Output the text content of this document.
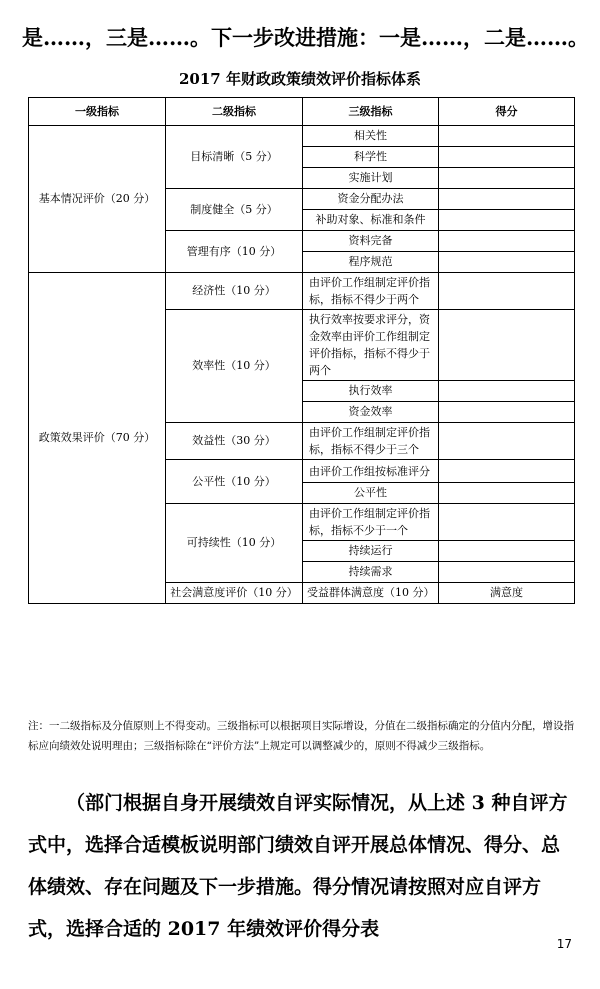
是……，三是……。下一步改进措施：一是……，二是……。
2017 年财政政策绩效评价指标体系
一级指标	二级指标	三级指标	得分	
基本情况评价（20 分）	目标清晰（5 分）	相关性		
		科学性		
		实施计划		
	制度健全（5 分）	资金分配办法		
		补助对象、标准和条件		
	管理有序（10 分）	资料完备		
		程序规范		
政策效果评价（70 分）	经济性（10 分）	由评价工作组制定评价指标，指标不得少于两个		
	效率性（10 分）	执行效率按要求评分，资金效率由评价工作组制定评价指标，指标不得少于两个		
		执行效率		
		资金效率		
	效益性（30 分）	由评价工作组制定评价指标，指标不得少于三个		
	公平性（10 分）	由评价工作组按标准评分		
		公平性		
	可持续性（10 分）	由评价工作组制定评价指标，指标不少于一个		
		持续运行		
		持续需求		
	社会满意度评价（10 分）	受益群体满意度（10 分）	满意度	
注：一二级指标及分值原则上不得变动。三级指标可以根据项目实际增设，分值在二级指标确定的分值内分配，增设指标应向绩效处说明理由；三级指标除在“评价方法”上规定可以调整减少的，原则不得减少三级指标。
（部门根据自身开展绩效自评实际情况，从上述 3 种自评方式中，选择合适模板说明部门绩效自评开展总体情况、得分、总体绩效、存在问题及下一步措施。得分情况请按照对应自评方式，选择合适的 2017 年绩效评价得分表
17
